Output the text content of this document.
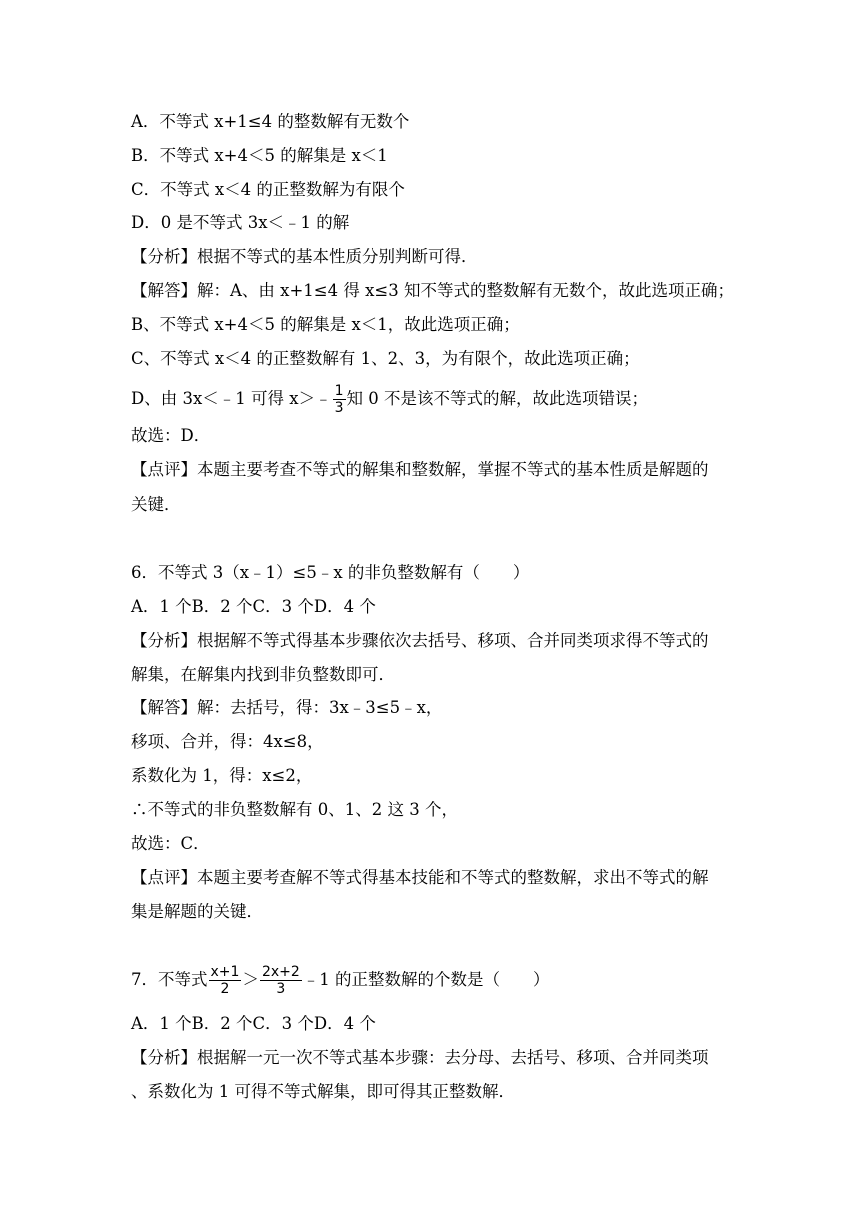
A．不等式 x+1≤4 的整数解有无数个
B．不等式 x+4＜5 的解集是 x＜1
C．不等式 x＜4 的正整数解为有限个
D．0 是不等式 3x＜﹣1 的解
【分析】根据不等式的基本性质分别判断可得．
【解答】解：A、由 x+1≤4 得 x≤3 知不等式的整数解有无数个，故此选项正确；
B、不等式 x+4＜5 的解集是 x＜1，故此选项正确；
C、不等式 x＜4 的正整数解有 1、2、3，为有限个，故此选项正确；
D、由 3x＜﹣1 可得 x＞﹣ $\frac{1}{3}$ 知 0 不是该不等式的解，故此选项错误；
故选：D．
【点评】本题主要考查不等式的解集和整数解，掌握不等式的基本性质是解题的
关键．
6．不等式 3（x﹣1）≤5﹣x 的非负整数解有（　　）
A．1 个B．2 个C．3 个D．4 个
【分析】根据解不等式得基本步骤依次去括号、移项、合并同类项求得不等式的
解集，在解集内找到非负整数即可．
【解答】解：去括号，得：3x﹣3≤5﹣x，
移项、合并，得：4x≤8，
系数化为 1，得：x≤2，
∴不等式的非负整数解有 0、1、2 这 3 个，
故选：C．
【点评】本题主要考查解不等式得基本技能和不等式的整数解，求出不等式的解
集是解题的关键．
7．不等式 $\frac{x+1}{2} > \frac{2x+2}{3}$ ﹣1 的正整数解的个数是（　　）
A．1 个B．2 个C．3 个D．4 个
【分析】根据解一元一次不等式基本步骤：去分母、去括号、移项、合并同类项
、系数化为 1 可得不等式解集，即可得其正整数解．
